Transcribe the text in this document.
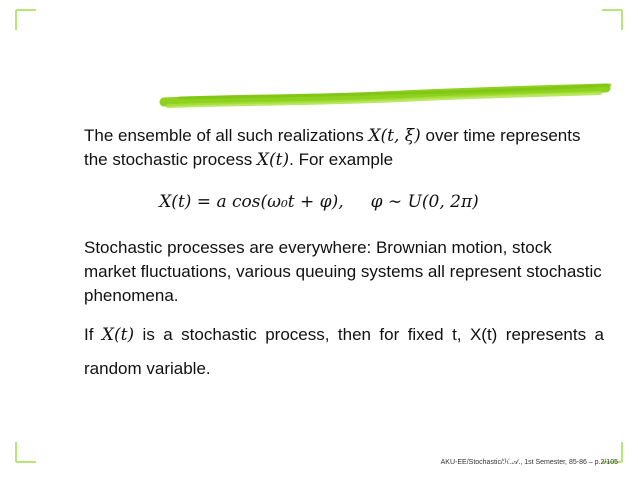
The ensemble of all such realizations X(t, ξ) over time represents the stochastic process X(t). For example

X(t) = a cos(ω₀t + φ),     φ ∼ U(0, 2π)

Stochastic processes are everywhere: Brownian motion, stock market fluctuations, various queuing systems all represent stochastic phenomena.

If X(t) is a stochastic process, then for fixed t, X(t) represents a random variable.

AKU-EE/Stochastic/ℋ.𝒜., 1st Semester, 85-86 – p.2/105
